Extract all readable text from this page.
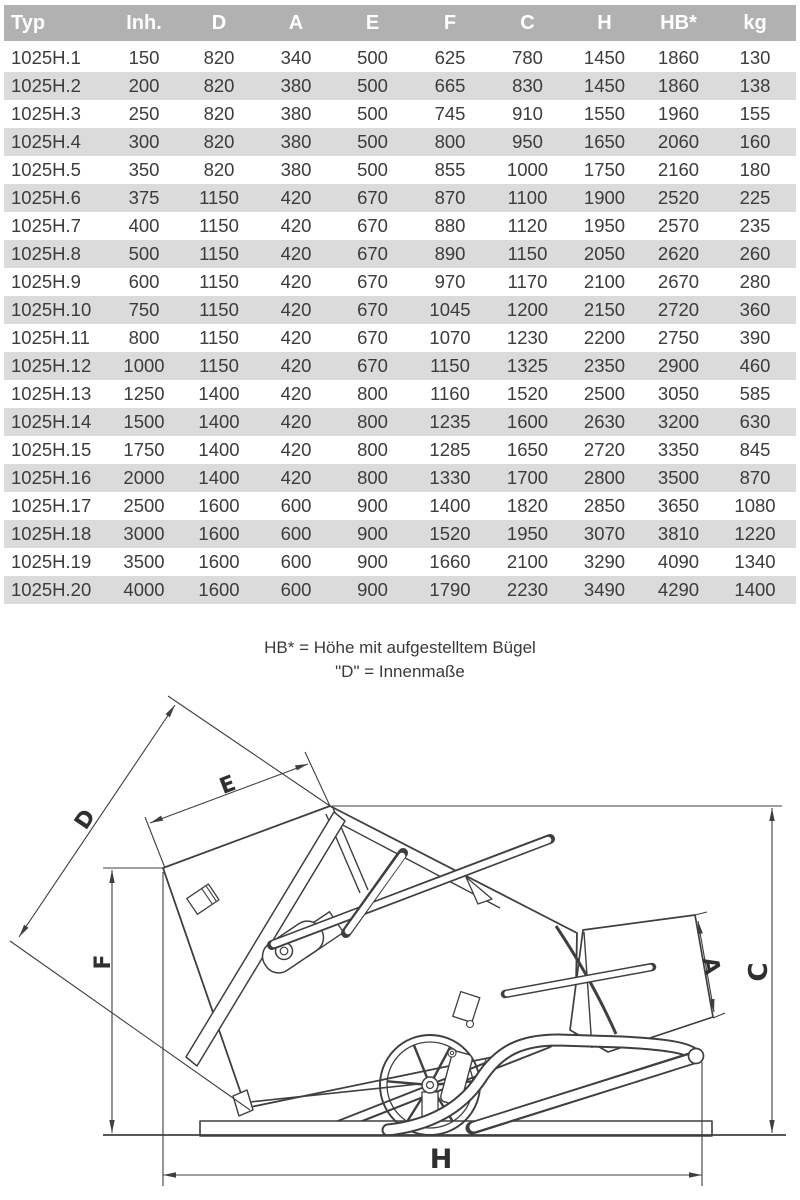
Typ	Inh.	D	A	E	F	C	H	HB*	kg
1025H.1	150	820	340	500	625	780	1450	1860	130
1025H.2	200	820	380	500	665	830	1450	1860	138
1025H.3	250	820	380	500	745	910	1550	1960	155
1025H.4	300	820	380	500	800	950	1650	2060	160
1025H.5	350	820	380	500	855	1000	1750	2160	180
1025H.6	375	1150	420	670	870	1100	1900	2520	225
1025H.7	400	1150	420	670	880	1120	1950	2570	235
1025H.8	500	1150	420	670	890	1150	2050	2620	260
1025H.9	600	1150	420	670	970	1170	2100	2670	280
1025H.10	750	1150	420	670	1045	1200	2150	2720	360
1025H.11	800	1150	420	670	1070	1230	2200	2750	390
1025H.12	1000	1150	420	670	1150	1325	2350	2900	460
1025H.13	1250	1400	420	800	1160	1520	2500	3050	585
1025H.14	1500	1400	420	800	1235	1600	2630	3200	630
1025H.15	1750	1400	420	800	1285	1650	2720	3350	845
1025H.16	2000	1400	420	800	1330	1700	2800	3500	870
1025H.17	2500	1600	600	900	1400	1820	2850	3650	1080
1025H.18	3000	1600	600	900	1520	1950	3070	3810	1220
1025H.19	3500	1600	600	900	1660	2100	3290	4090	1340
1025H.20	4000	1600	600	900	1790	2230	3490	4290	1400
HB* = Höhe mit aufgestelltem Bügel
"D" = Innenmaße
D
E
F	A C
H
